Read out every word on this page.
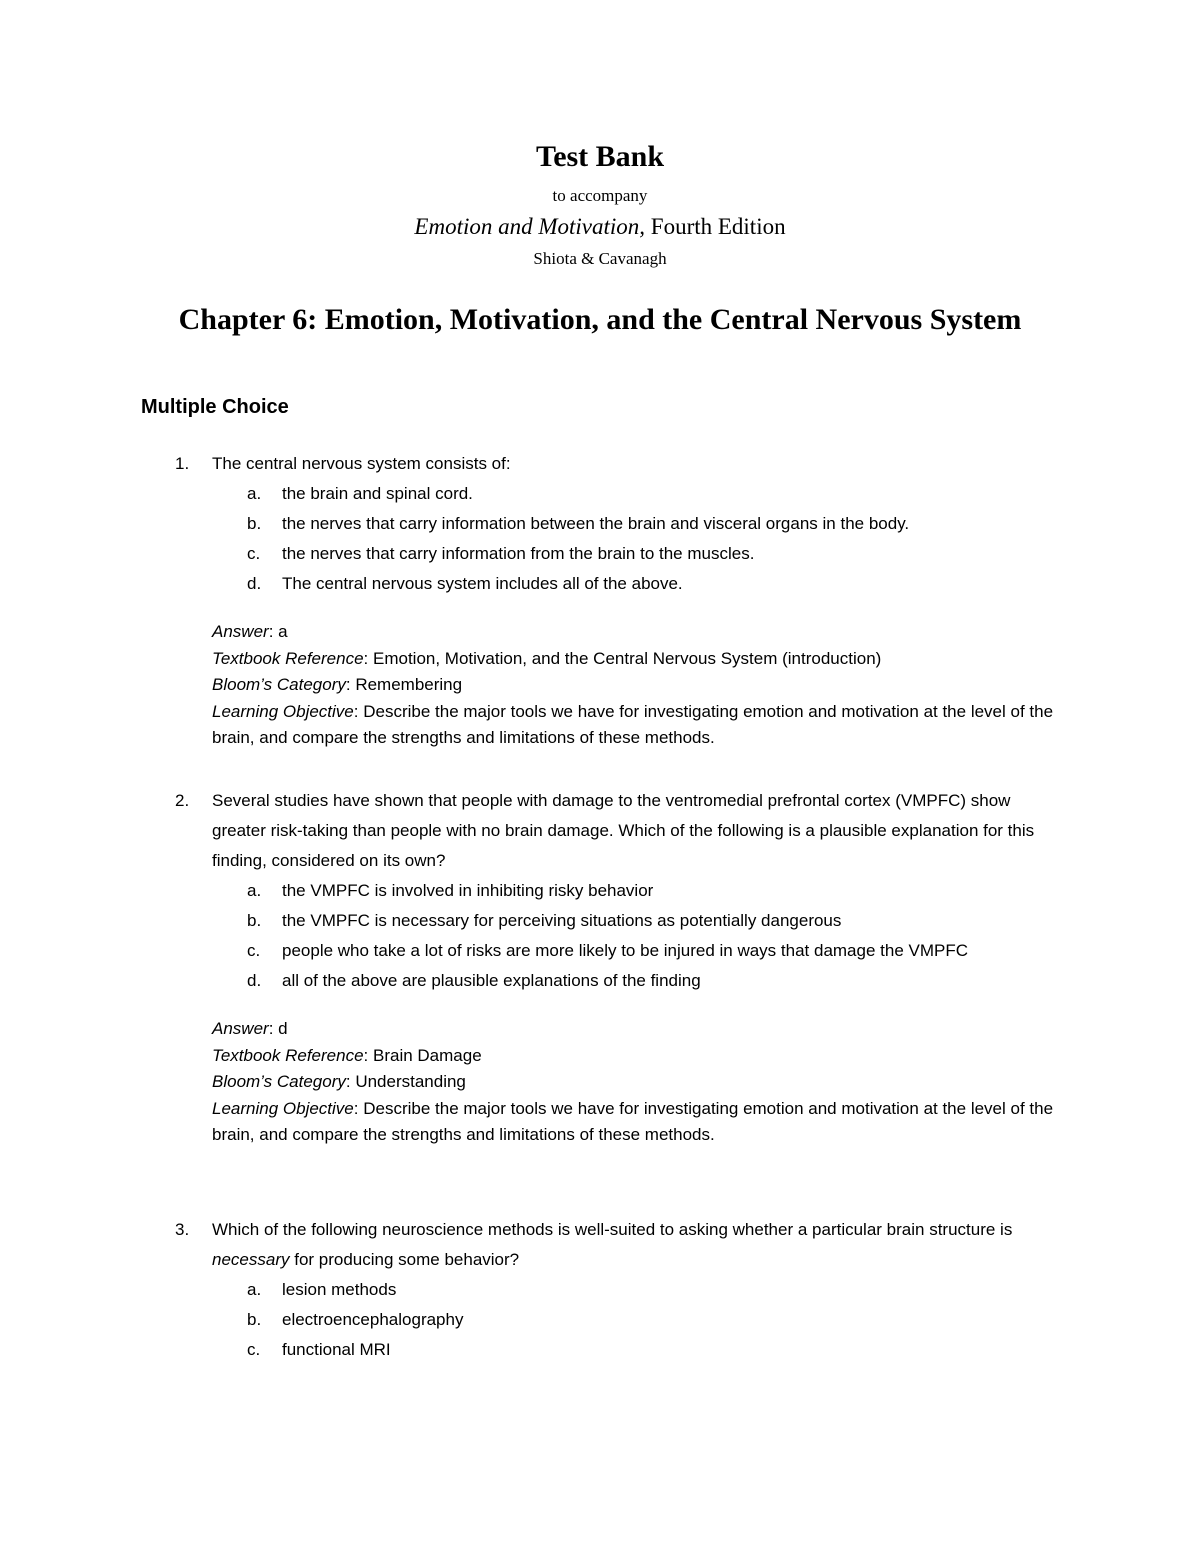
Test Bank
to accompany
Emotion and Motivation, Fourth Edition
Shiota & Cavanagh
Chapter 6: Emotion, Motivation, and the Central Nervous System
Multiple Choice
1. The central nervous system consists of:
a. the brain and spinal cord.
b. the nerves that carry information between the brain and visceral organs in the body.
c. the nerves that carry information from the brain to the muscles.
d. The central nervous system includes all of the above.
Answer: a
Textbook Reference: Emotion, Motivation, and the Central Nervous System (introduction)
Bloom’s Category: Remembering
Learning Objective: Describe the major tools we have for investigating emotion and motivation at the level of the brain, and compare the strengths and limitations of these methods.
2. Several studies have shown that people with damage to the ventromedial prefrontal cortex (VMPFC) show greater risk-taking than people with no brain damage. Which of the following is a plausible explanation for this finding, considered on its own?
a. the VMPFC is involved in inhibiting risky behavior
b. the VMPFC is necessary for perceiving situations as potentially dangerous
c. people who take a lot of risks are more likely to be injured in ways that damage the VMPFC
d. all of the above are plausible explanations of the finding
Answer: d
Textbook Reference: Brain Damage
Bloom’s Category: Understanding
Learning Objective: Describe the major tools we have for investigating emotion and motivation at the level of the brain, and compare the strengths and limitations of these methods.
3. Which of the following neuroscience methods is well-suited to asking whether a particular brain structure is necessary for producing some behavior?
a. lesion methods
b. electroencephalography
c. functional MRI
